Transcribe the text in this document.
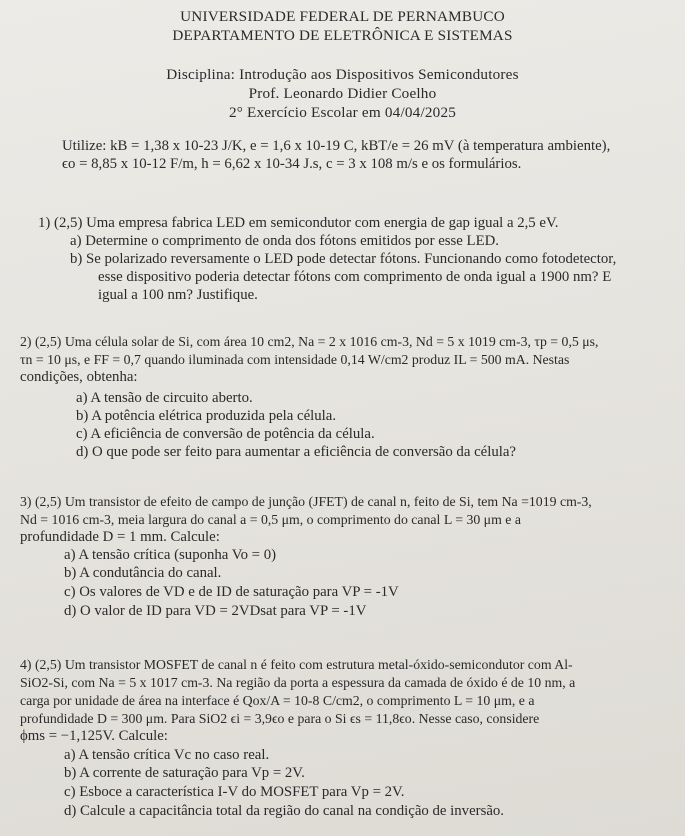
UNIVERSIDADE FEDERAL DE PERNAMBUCO
DEPARTAMENTO DE ELETRÔNICA E SISTEMAS
Disciplina: Introdução aos Dispositivos Semicondutores
Prof. Leonardo Didier Coelho
2° Exercício Escolar em 04/04/2025
Utilize: kB = 1,38 x 10-23 J/K, e = 1,6 x 10-19 C, kBT/e = 26 mV (à temperatura ambiente),
ϵo = 8,85 x 10-12 F/m, h = 6,62 x 10-34 J.s, c = 3 x 108 m/s e os formulários.
1) (2,5) Uma empresa fabrica LED em semicondutor com energia de gap igual a 2,5 eV.
a) Determine o comprimento de onda dos fótons emitidos por esse LED.
b) Se polarizado reversamente o LED pode detectar fótons. Funcionando como fotodetector,
esse dispositivo poderia detectar fótons com comprimento de onda igual a 1900 nm? E
igual a 100 nm? Justifique.
2) (2,5) Uma célula solar de Si, com área 10 cm2, Na = 2 x 1016 cm-3, Nd = 5 x 1019 cm-3, τp = 0,5 μs,
τn = 10 μs, e FF = 0,7 quando iluminada com intensidade 0,14 W/cm2 produz IL = 500 mA. Nestas
condições, obtenha:
a) A tensão de circuito aberto.
b) A potência elétrica produzida pela célula.
c) A eficiência de conversão de potência da célula.
d) O que pode ser feito para aumentar a eficiência de conversão da célula?
3) (2,5) Um transistor de efeito de campo de junção (JFET) de canal n, feito de Si, tem Na =1019 cm-3,
Nd = 1016 cm-3, meia largura do canal a = 0,5 μm, o comprimento do canal L = 30 μm e a
profundidade D = 1 mm. Calcule:
a) A tensão crítica (suponha Vo = 0)
b) A condutância do canal.
c) Os valores de VD e de ID de saturação para VP = -1V
d) O valor de ID para VD = 2VDsat para VP = -1V
4) (2,5) Um transistor MOSFET de canal n é feito com estrutura metal-óxido-semicondutor com Al-
SiO2-Si, com Na = 5 x 1017 cm-3. Na região da porta a espessura da camada de óxido é de 10 nm, a
carga por unidade de área na interface é Qox/A = 10-8 C/cm2, o comprimento L = 10 μm, e a
profundidade D = 300 μm. Para SiO2 ϵi = 3,9ϵo e para o Si ϵs = 11,8ϵo. Nesse caso, considere
ϕms = −1,125V. Calcule:
a) A tensão crítica Vc no caso real.
b) A corrente de saturação para Vp = 2V.
c) Esboce a característica I-V do MOSFET para Vp = 2V.
d) Calcule a capacitância total da região do canal na condição de inversão.
